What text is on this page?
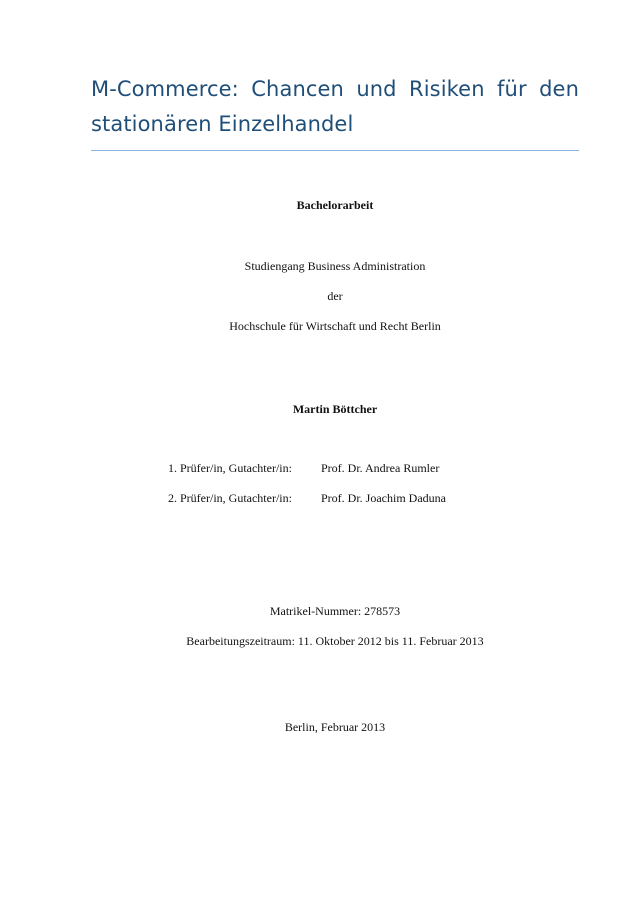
M-Commerce: Chancen und Risiken für den stationären Einzelhandel
Bachelorarbeit
Studiengang Business Administration
der
Hochschule für Wirtschaft und Recht Berlin
Martin Böttcher
1. Prüfer/in, Gutachter/in: Prof. Dr. Andrea Rumler
2. Prüfer/in, Gutachter/in: Prof. Dr. Joachim Daduna
Matrikel-Nummer: 278573
Bearbeitungszeitraum: 11. Oktober 2012 bis 11. Februar 2013
Berlin, Februar 2013
